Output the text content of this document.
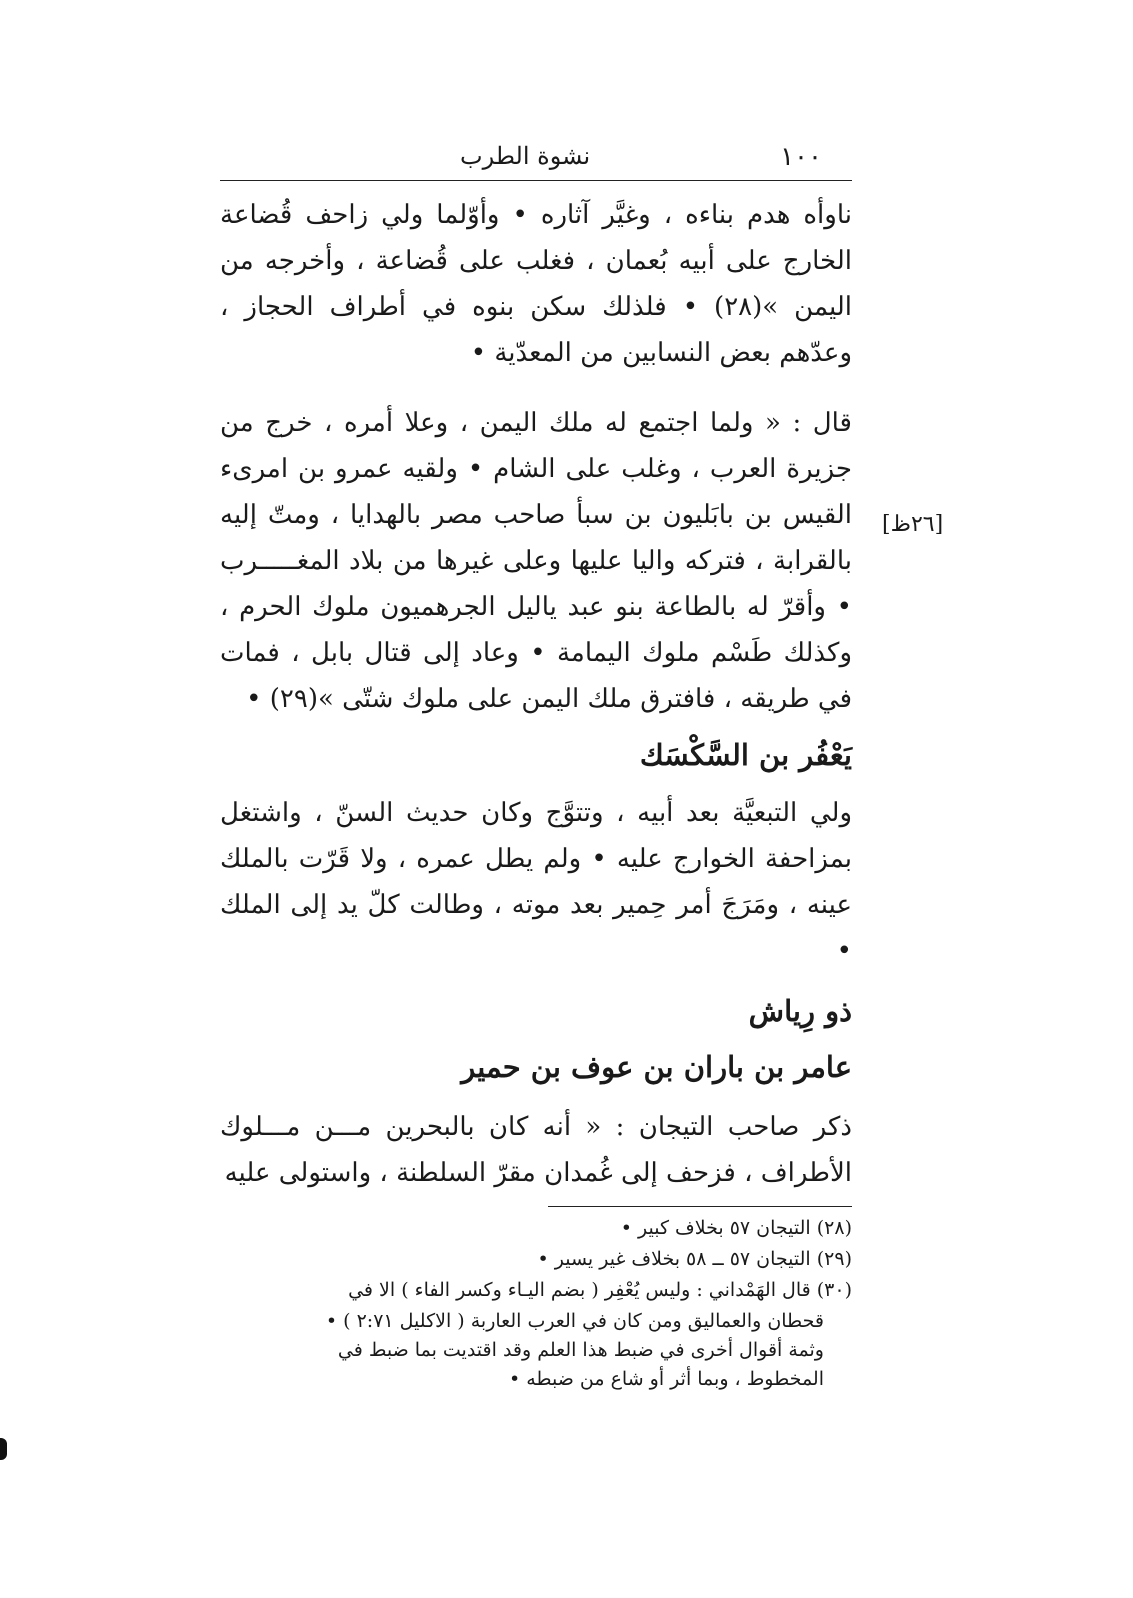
١٠٠
نشوة الطرب

ناوأه هدم بناءه ، وغيَّر آثاره • وأوّلما ولي زاحف قُضاعة الخارج على أبيه بُعمان ، فغلب على قُضاعة ، وأخرجه من اليمن »(٢٨) • فلذلك سكن بنوه في أطراف الحجاز ، وعدّهم بعض النسابين من المعدّية •

قال : « ولما اجتمع له ملك اليمن ، وعلا أمره ، خرج من جزيرة العرب ، وغلب على الشام • ولقيه عمرو بن امرىء القيس بن بابَليون بن سبأ صاحب مصر بالهدايا ، ومتّ إليه بالقرابة ، فتركه واليا عليها وعلى غيرها من بلاد المغـــــرب • وأقرّ له بالطاعة بنو عبد ياليل الجرهميون ملوك الحرم ، وكذلك طَسْم ملوك اليمامة • وعاد إلى قتال بابل ، فمات في طريقه ، فافترق ملك اليمن على ملوك شتّى »(٢٩) •

[٢٦ظ]
يَعْفُر بن السَّكْسَك

ولي التبعيَّة بعد أبيه ، وتتوَّج وكان حديث السنّ ، واشتغل بمزاحفة الخوارج عليه • ولم يطل عمره ، ولا قَرّت بالملك عينه ، ومَرَجَ أمر حِمير بعد موته ، وطالت كلّ يد إلى الملك •

ذو رِياش
عامر بن باران بن عوف بن حمير

ذكر صاحب التيجان : « أنه كان بالبحرين مـــن مـــلوك الأطراف ، فزحف إلى غُمدان مقرّ السلطنة ، واستولى عليه

(٢٨) التيجان ٥٧ بخلاف كبير •

(٢٩) التيجان ٥٧ ــ ٥٨ بخلاف غير يسير •

(٣٠) قال الهَمْداني : وليس يُعْفِر ( بضم اليـاء وكسر الفاء ) الا في

قحطان والعماليق ومن كان في العرب العاربة ( الاكليل ٢:٧١ ) •

وثمة أقوال أخرى في ضبط هذا العلم وقد اقتديت بما ضبط في

المخطوط ، وبما أثر أو شاع من ضبطه •
